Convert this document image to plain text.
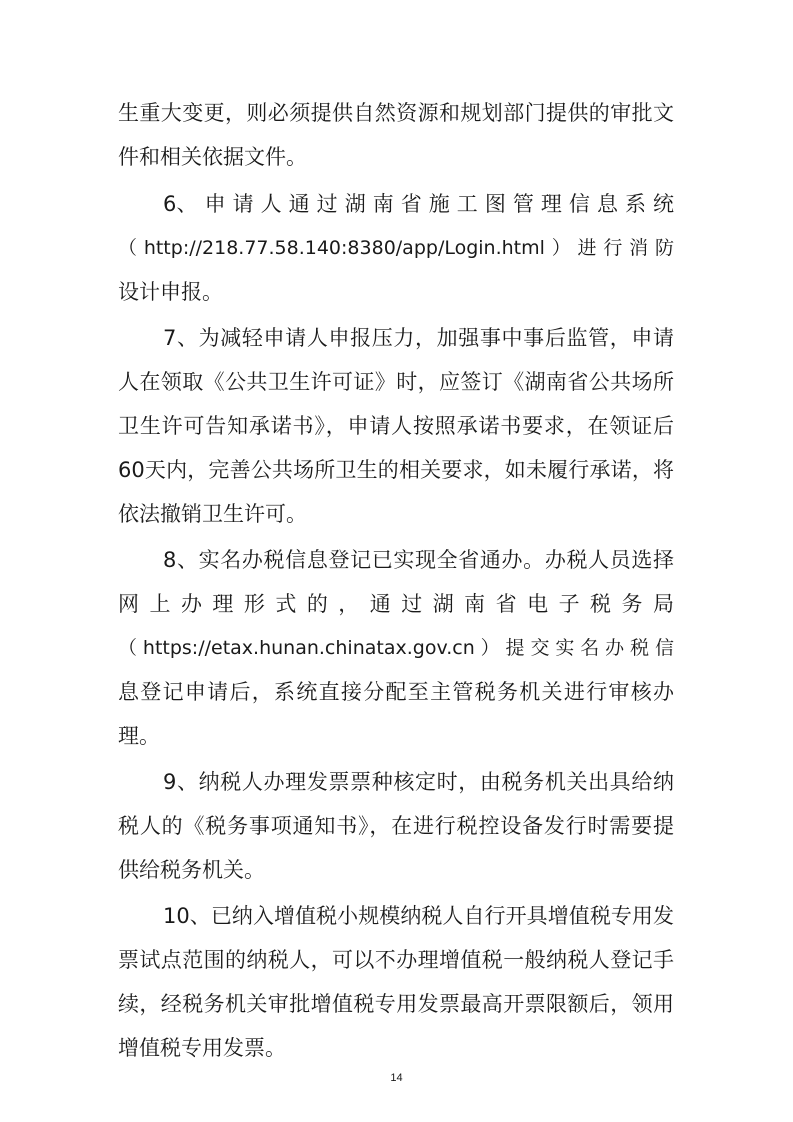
生重大变更，则必须提供自然资源和规划部门提供的审批文
件和相关依据文件。
6、 申 请 人 通 过 湖 南 省 施 工 图 管 理 信 息 系 统
（http://218.77.58.140:8380/app/Login.html）进行消防
设计申报。
7、为减轻申请人申报压力，加强事中事后监管，申请
人在领取《公共卫生许可证》时，应签订《湖南省公共场所
卫生许可告知承诺书》，申请人按照承诺书要求，在领证后
60天内，完善公共场所卫生的相关要求，如未履行承诺，将
依法撤销卫生许可。
8、实名办税信息登记已实现全省通办。办税人员选择
网 上 办 理 形 式 的 ， 通 过 湖 南 省 电 子 税 务 局
（https://etax.hunan.chinatax.gov.cn）提交实名办税信
息登记申请后，系统直接分配至主管税务机关进行审核办
理。
9、纳税人办理发票票种核定时，由税务机关出具给纳
税人的《税务事项通知书》，在进行税控设备发行时需要提
供给税务机关。
10、已纳入增值税小规模纳税人自行开具增值税专用发
票试点范围的纳税人，可以不办理增值税一般纳税人登记手
续，经税务机关审批增值税专用发票最高开票限额后，领用
增值税专用发票。
14
